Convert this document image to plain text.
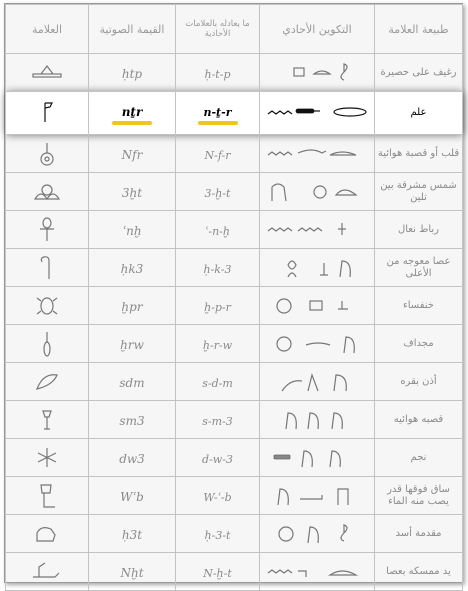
العلامة	القيمة الصوتية	ما يعادله بالعلامات الأحادية	التكوين الأحادي	طبيعة العلامة

	ḥtp	ḥ-t-p		رغيف على حصيرة

	nṯr	n-ṯ-r		علم

	Nfr	N-f-r		قلب أو قصبة هوائية

	3ḫt	3-ḫ-t		شمس مشرقة بين تلين

	ʿnḫ	ʿ-n-ḫ		رباط نعال

	ḥk3	ḥ-k-3		عصا معوجه من الأعلى

	ḫpr	ḫ-p-r		خنفساء

	ḫrw	ḫ-r-w		مجداف

	sdm	s-d-m		أذن بقره

	sm3	s-m-3		قصبه هوائيه

	dw3	d-w-3		نجم

	Wʿb	W-ʿ-b		ساق فوقها قدر يصب منه الماء

	ḥ3t	ḥ-3-t		مقدمة أسد

	Nḫt	N-ḫ-t		يد ممسكه بعصا
